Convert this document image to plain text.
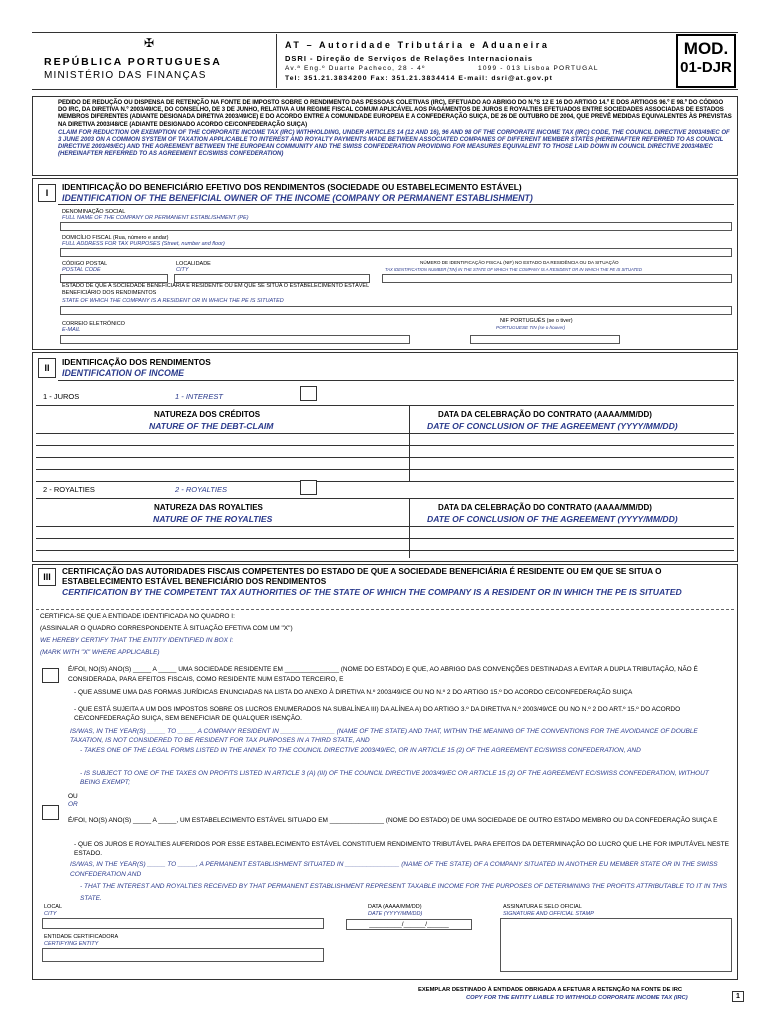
✠
REPÚBLICA PORTUGUESA
MINISTÉRIO DAS FINANÇAS
AT – Autoridade Tributária e Aduaneira
DSRI - Direção de Serviços de Relações Internacionais
Av.ª Eng.º Duarte Pacheco, 28 - 4º	1099 - 013 Lisboa PORTUGAL
Tel: 351.21.3834200 Fax: 351.21.3834414 E-mail: dsri@at.gov.pt
MOD.
01-DJR
PEDIDO DE REDUÇÃO OU DISPENSA DE RETENÇÃO NA FONTE DE IMPOSTO SOBRE O RENDIMENTO DAS PESSOAS COLETIVAS (IRC), EFETUADO AO ABRIGO DO N.ºS 12 E 16 DO ARTIGO 14.º E DOS ARTIGOS 96.º E 98.º DO CÓDIGO DO IRC, DA DIRETIVA N.º 2003/49/CE, DO CONSELHO, DE 3 DE JUNHO, RELATIVA A UM REGIME FISCAL COMUM APLICÁVEL AOS PAGAMENTOS DE JUROS E ROYALTIES EFETUADOS ENTRE SOCIEDADES ASSOCIADAS DE ESTADOS MEMBROS DIFERENTES (ADIANTE DESIGNADA DIRETIVA 2003/49/CE) E DO ACORDO ENTRE A COMUNIDADE EUROPEIA E A CONFEDERAÇÃO SUIÇA, DE 26 DE OUTUBRO DE 2004, QUE PREVÊ MEDIDAS EQUIVALENTES ÀS PREVISTAS NA DIRETIVA 2003/48/CE (ADIANTE DESIGNADO ACORDO CE/CONFEDERAÇÃO SUIÇA)
CLAIM FOR REDUCTION OR EXEMPTION OF THE CORPORATE INCOME TAX (IRC) WITHHOLDING, UNDER ARTICLES 14 (12 AND 16), 96 AND 98 OF THE CORPORATE INCOME TAX (IRC) CODE, THE COUNCIL DIRECTIVE 2003/49/EC OF 3 JUNE 2003 ON A COMMON SYSTEM OF TAXATION APPLICABLE TO INTEREST AND ROYALTY PAYMENTS MADE BETWEEN ASSOCIATED COMPANIES OF DIFFERENT MEMBER STATES (HEREINAFTER REFERRED TO AS COUNCIL DIRECTIVE 2003/49/EC) AND THE AGREEMENT BETWEEN THE EUROPEAN COMMUNITY AND THE SWISS CONFEDERATION PROVIDING FOR MEASURES EQUIVALENT TO THOSE LAID DOWN IN COUNCIL DIRECTIVE 2003/48/EC (HEREINAFTER REFERRED TO AS AGREEMENT EC/SWISS CONFEDERATION)
I
IDENTIFICAÇÃO DO BENEFICIÁRIO EFETIVO DOS RENDIMENTOS (SOCIEDADE OU ESTABELECIMENTO ESTÁVEL)
IDENTIFICATION OF THE BENEFICIAL OWNER OF THE INCOME (COMPANY OR PERMANENT ESTABLISHMENT)
DENOMINAÇÃO SOCIAL
FULL NAME OF THE COMPANY OR PERMANENT ESTABLISHMENT (PE)
DOMICÍLIO FISCAL (Rua, número e andar)
FULL ADDRESS FOR TAX PURPOSES (Street, number and floor)
CÓDIGO POSTAL
POSTAL CODE
LOCALIDADE
CITY
NÚMERO DE IDENTIFICAÇÃO FISCAL (NIF) NO ESTADO DA RESIDÊNCIA OU DA SITUAÇÃO
TAX IDENTIFICATION NUMBER (TIN) IN THE STATE OF WHICH THE COMPANY IS A RESIDENT OR IN WHICH THE PE IS SITUATED
ESTADO DE QUE A SOCIEDADE BENEFICIÁRIA É RESIDENTE OU EM QUE SE SITUA O ESTABELECIMENTO ESTÁVEL BENEFICIÁRIO DOS RENDIMENTOS
STATE OF WHICH THE COMPANY IS A RESIDENT OR IN WHICH THE PE IS SITUATED
CORREIO ELETRÓNICO
E-MAIL
NIF PORTUGUÊS (se o tiver)
PORTUGUESE TIN (se o houver)
II
IDENTIFICAÇÃO DOS RENDIMENTOS
IDENTIFICATION OF INCOME
1 - JUROS	1 - INTEREST
NATUREZA DOS CRÉDITOS
NATURE OF THE DEBT-CLAIM
DATA DA CELEBRAÇÃO DO CONTRATO (AAAA/MM/DD)
DATE OF CONCLUSION OF THE AGREEMENT (YYYY/MM/DD)
2 - ROYALTIES	2 - ROYALTIES
NATUREZA DAS ROYALTIES
NATURE OF THE ROYALTIES
DATA DA CELEBRAÇÃO DO CONTRATO (AAAA/MM/DD)
DATE OF CONCLUSION OF THE AGREEMENT (YYYY/MM/DD)
III
CERTIFICAÇÃO DAS AUTORIDADES FISCAIS COMPETENTES DO ESTADO DE QUE A SOCIEDADE BENEFICIÁRIA É RESIDENTE OU EM QUE SE SITUA O ESTABELECIMENTO ESTÁVEL BENEFICIÁRIO DOS RENDIMENTOS
CERTIFICATION BY THE COMPETENT TAX AUTHORITIES OF THE STATE OF WHICH THE COMPANY IS A RESIDENT OR IN WHICH THE PE IS SITUATED
CERTIFICA-SE QUE A ENTIDADE IDENTIFICADA NO QUADRO I:
(ASSINALAR O QUADRO CORRESPONDENTE À SITUAÇÃO EFETIVA COM UM "X")
WE HEREBY CERTIFY THAT THE ENTITY IDENTIFIED IN BOX I:
(MARK WITH "X" WHERE APPLICABLE)
É/FOI, NO(S) ANO(S) _____ A _____ UMA SOCIEDADE RESIDENTE EM _______________ (NOME DO ESTADO) E QUE, AO ABRIGO DAS CONVENÇÕES DESTINADAS A EVITAR A DUPLA TRIBUTAÇÃO, NÃO É CONSIDERADA, PARA EFEITOS FISCAIS, COMO RESIDENTE NUM ESTADO TERCEIRO, E
- QUE ASSUME UMA DAS FORMAS JURÍDICAS ENUNCIADAS NA LISTA DO ANEXO À DIRETIVA N.º 2003/49/CE OU NO N.º 2 DO ARTIGO 15.º DO ACORDO CE/CONFEDERAÇÃO SUIÇA
- QUE ESTÁ SUJEITA A UM DOS IMPOSTOS SOBRE OS LUCROS ENUMERADOS NA SUBALÍNEA III) DA ALÍNEA A) DO ARTIGO 3.º DA DIRETIVA N.º 2003/49/CE OU NO N.º 2 DO ART.º 15.º DO ACORDO CE/CONFEDERAÇÃO SUIÇA, SEM BENEFICIAR DE QUALQUER ISENÇÃO.
IS/WAS, IN THE YEAR(S) _____ TO _____ A COMPANY RESIDENT IN _______________ (NAME OF THE STATE) AND THAT, WITHIN THE MEANING OF THE CONVENTIONS FOR THE AVOIDANCE OF DOUBLE TAXATION, IS NOT CONSIDERED TO BE RESIDENT FOR TAX PURPOSES IN A THIRD STATE, AND
- TAKES ONE OF THE LEGAL FORMS LISTED IN THE ANNEX TO THE COUNCIL DIRECTIVE 2003/49/EC, OR IN ARTICLE 15 (2) OF THE AGREEMENT EC/SWISS CONFEDERATION, AND
- IS SUBJECT TO ONE OF THE TAXES ON PROFITS LISTED IN ARTICLE 3 (A) (III) OF THE COUNCIL DIRECTIVE 2003/49/EC OR ARTICLE 15 (2) OF THE AGREEMENT EC/SWISS CONFEDERATION, WITHOUT BEING EXEMPT;
OU
OR
É/FOI, NO(S) ANO(S) _____ A _____, UM ESTABELECIMENTO ESTÁVEL SITUADO EM _______________ (NOME DO ESTADO) DE UMA SOCIEDADE DE OUTRO ESTADO MEMBRO OU DA CONFEDERAÇÃO SUIÇA E
- QUE OS JUROS E ROYALTIES AUFERIDOS POR ESSE ESTABELECIMENTO ESTÁVEL CONSTITUEM RENDIMENTO TRIBUTÁVEL PARA EFEITOS DA DETERMINAÇÃO DO LUCRO QUE LHE FOR IMPUTÁVEL NESTE ESTADO.
IS/WAS, IN THE YEAR(S) _____ TO _____, A PERMANENT ESTABLISHMENT SITUATED IN _______________ (NAME OF THE STATE) OF A COMPANY SITUATED IN ANOTHER EU MEMBER STATE OR IN THE SWISS CONFEDERATION AND
- THAT THE INTEREST AND ROYALTIES RECEIVED BY THAT PERMANENT ESTABLISHMENT REPRESENT TAXABLE INCOME FOR THE PURPOSES OF DETERMINING THE PROFITS ATTRIBUTABLE TO IT IN THIS STATE.
LOCAL
CITY
DATA (AAAA/MM/DD)
DATE (YYYY/MM/DD)
_________/______/______
ASSINATURA E SELO OFICIAL
SIGNATURE AND OFFICIAL STAMP
ENTIDADE CERTIFICADORA
CERTIFYING ENTITY
EXEMPLAR DESTINADO À ENTIDADE OBRIGADA A EFETUAR A RETENÇÃO NA FONTE DE IRC
COPY FOR THE ENTITY LIABLE TO WITHHOLD CORPORATE INCOME TAX (IRC)	1
